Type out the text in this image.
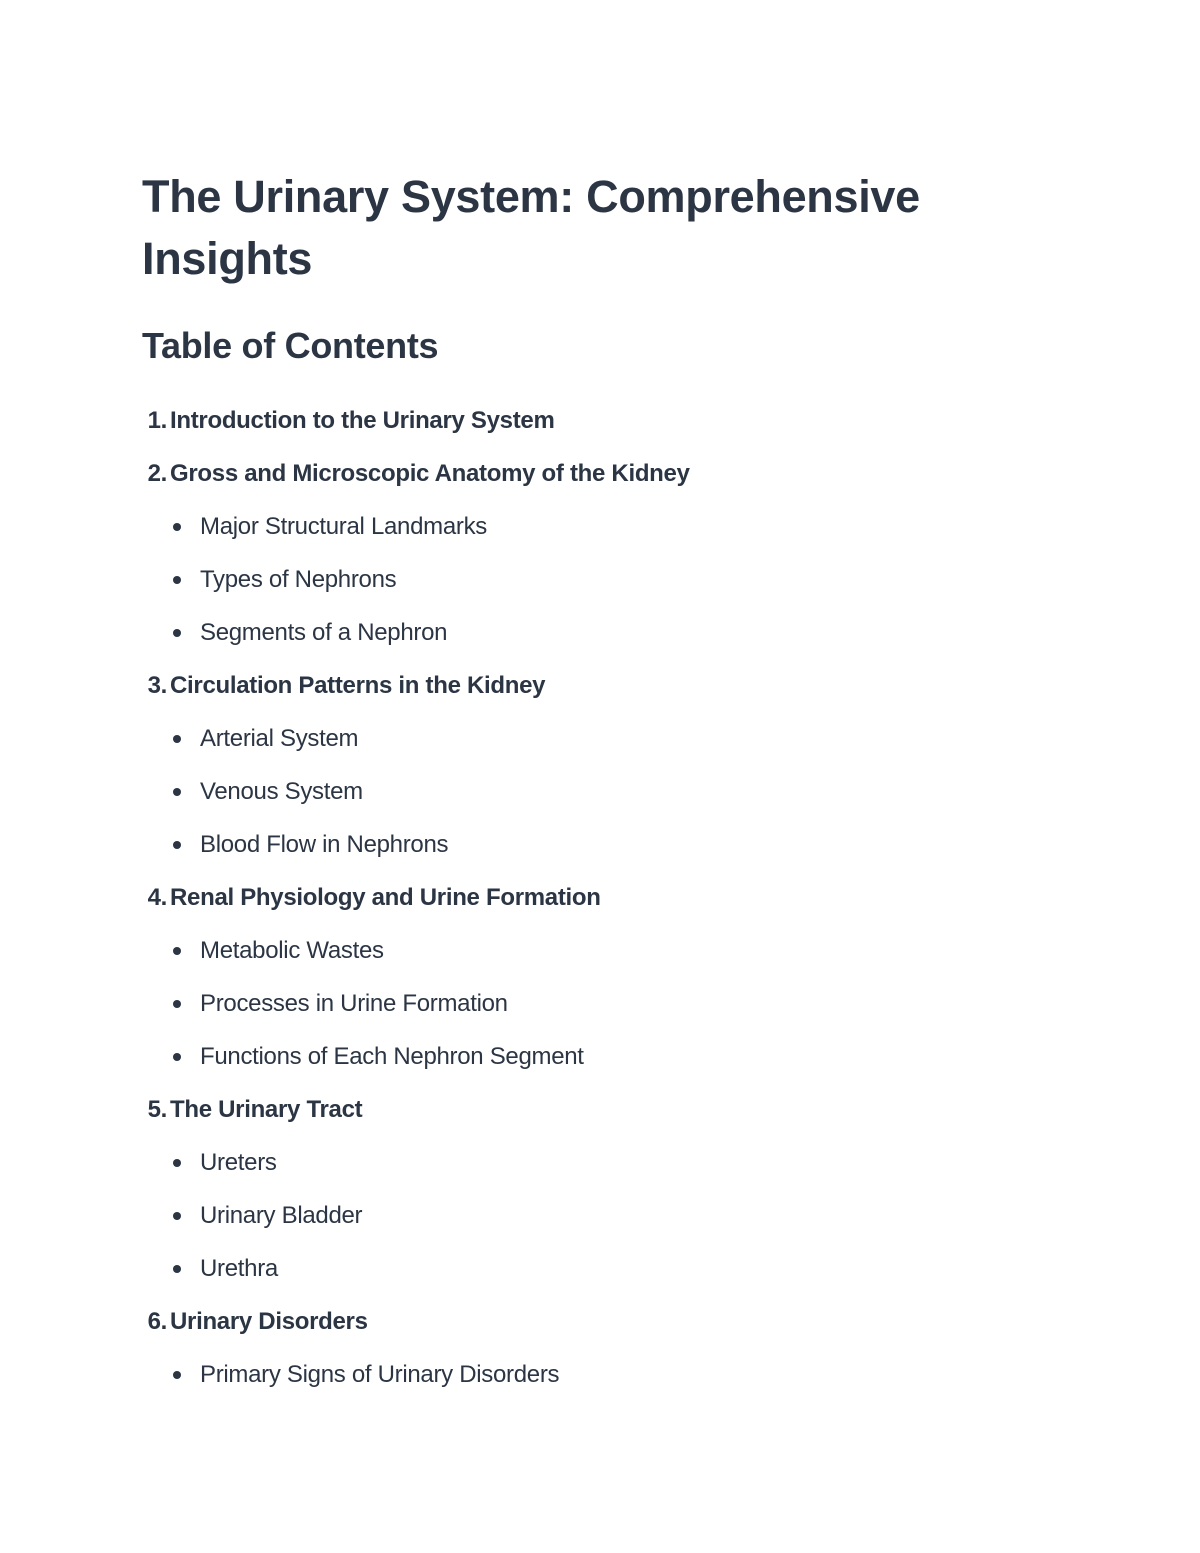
The Urinary System: Comprehensive Insights
Table of Contents
1. Introduction to the Urinary System
2. Gross and Microscopic Anatomy of the Kidney
Major Structural Landmarks
Types of Nephrons
Segments of a Nephron
3. Circulation Patterns in the Kidney
Arterial System
Venous System
Blood Flow in Nephrons
4. Renal Physiology and Urine Formation
Metabolic Wastes
Processes in Urine Formation
Functions of Each Nephron Segment
5. The Urinary Tract
Ureters
Urinary Bladder
Urethra
6. Urinary Disorders
Primary Signs of Urinary Disorders
